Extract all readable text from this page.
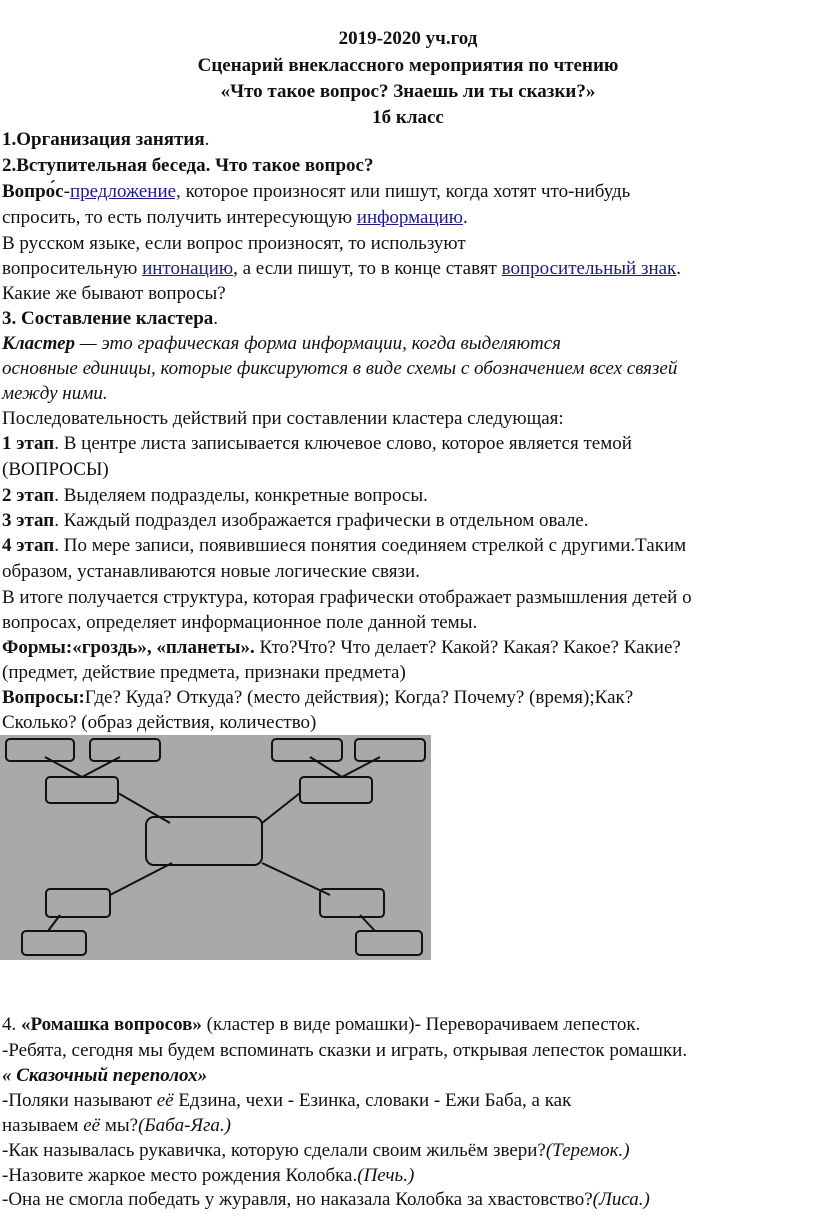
2019-2020 уч.год
Сценарий внеклассного мероприятия по чтению
«Что такое вопрос? Знаешь ли ты сказки?»
1б класс
1.Организация занятия.
2.Вступительная беседа. Что такое вопрос?
Вопро́с-предложение, которое произносят или пишут, когда хотят что-нибудь
спросить, то есть получить интересующую информацию.
В русском языке, если вопрос произносят, то используют
вопросительную интонацию, а если пишут, то в конце ставят вопросительный знак.
Какие же бывают вопросы?
3. Составление кластера.
Кластер — это графическая форма информации, когда выделяются
основные единицы, которые фиксируются в виде схемы с обозначением всех связей
между ними.
Последовательность действий при составлении кластера следующая:
1 этап. В центре листа записывается ключевое слово, которое является темой
(ВОПРОСЫ)
2 этап. Выделяем подразделы, конкретные вопросы.
3 этап. Каждый подраздел изображается графически в отдельном овале.
4 этап. По мере записи, появившиеся понятия соединяем стрелкой с другими.Таким
образом, устанавливаются новые логические связи.
В итоге получается структура, которая графически отображает размышления детей о
вопросах, определяет информационное поле данной темы.
Формы:«гроздь», «планеты». Кто?Что? Что делает? Какой? Какая? Какое? Какие?
(предмет, действие предмета, признаки предмета)
Вопросы:Где? Куда? Откуда? (место действия); Когда? Почему? (время);Как?
Сколько? (образ действия, количество)
4. «Ромашка вопросов» (кластер в виде ромашки)- Переворачиваем лепесток.
-Ребята, сегодня мы будем вспоминать сказки и играть, открывая лепесток ромашки.
« Сказочный переполох»
-Поляки называют её Едзина, чехи - Езинка, словаки - Ежи Баба, а как
называем её мы?(Баба-Яга.)
-Как называлась рукавичка, которую сделали своим жильём звери?(Теремок.)
-Назовите жаркое место рождения Колобка.(Печь.)
-Она не смогла победать у журавля, но наказала Колобка за хвастовство?(Лиса.)
